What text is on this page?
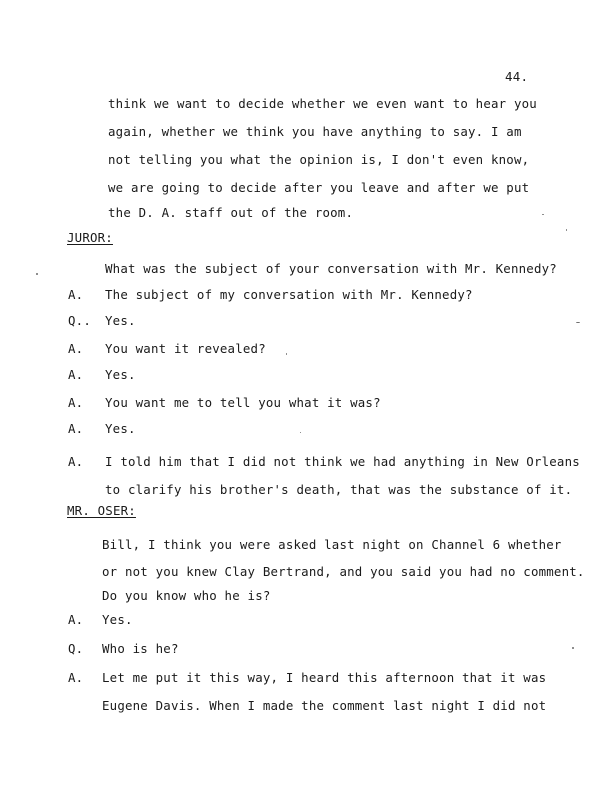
44.
think we want to decide whether we even want to hear you
again, whether we think you have anything to say. I am
not telling you what the opinion is, I don't even know,
we are going to decide after you leave and after we put
the D. A. staff out of the room.
JUROR:
What was the subject of your conversation with Mr. Kennedy?
A. The subject of my conversation with Mr. Kennedy?
Q.. Yes.
A. You want it revealed?
A. Yes.
A. You want me to tell you what it was?
A. Yes.
A. I told him that I did not think we had anything in New Orleans
to clarify his brother's death, that was the substance of it.
MR. OSER:
Bill, I think you were asked last night on Channel 6 whether
or not you knew Clay Bertrand, and you said you had no comment.
Do you know who he is?
A. Yes.
Q. Who is he?
A. Let me put it this way, I heard this afternoon that it was
Eugene Davis. When I made the comment last night I did not
